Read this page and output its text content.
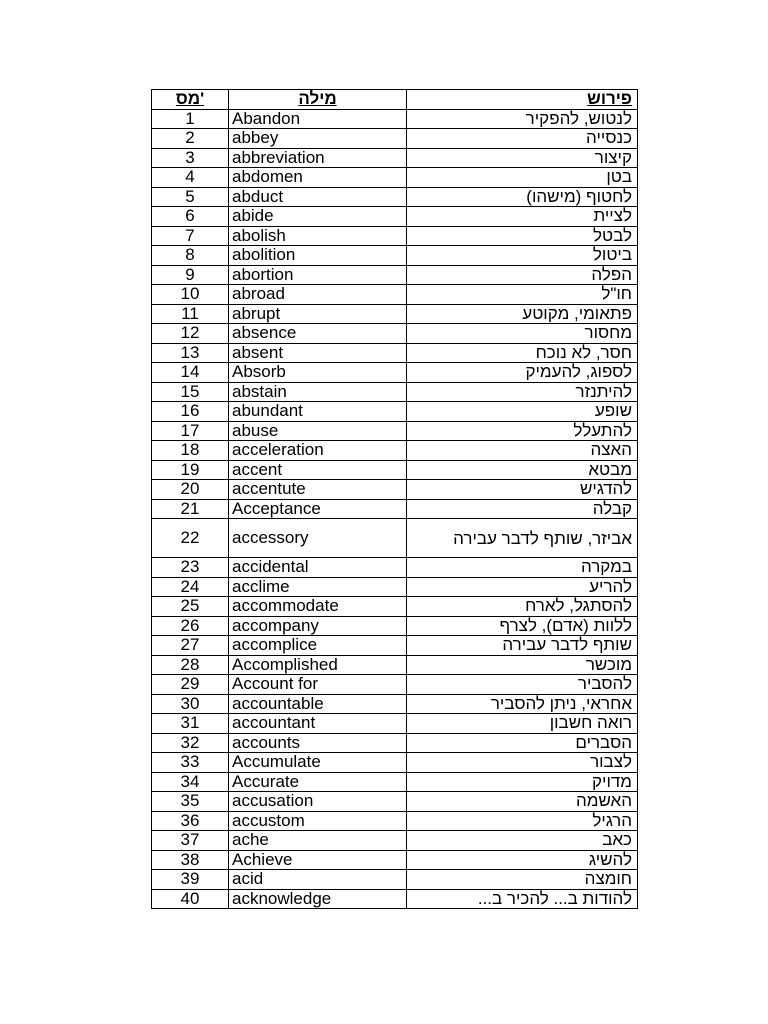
מס'	מילה	פירוש
1	Abandon	לנטוש, להפקיר
2	abbey	כנסייה
3	abbreviation	קיצור
4	abdomen	בטן
5	abduct	לחטוף (מישהו)
6	abide	לציית
7	abolish	לבטל
8	abolition	ביטול
9	abortion	הפלה
10	abroad	חו"ל
11	abrupt	פתאומי, מקוטע
12	absence	מחסור
13	absent	חסר, לא נוכח
14	Absorb	לספוג, להעמיק
15	abstain	להיתנזר
16	abundant	שופע
17	abuse	להתעלל
18	acceleration	האצה
19	accent	מבטא
20	accentute	להדגיש
21	Acceptance	קבלה
22	accessory	אביזר, שותף לדבר עבירה
23	accidental	במקרה
24	acclime	להריע
25	accommodate	להסתגל, לארח
26	accompany	ללוות (אדם), לצרף
27	accomplice	שותף לדבר עבירה
28	Accomplished	מוכשר
29	Account for	להסביר
30	accountable	אחראי, ניתן להסביר
31	accountant	רואה חשבון
32	accounts	הסברים
33	Accumulate	לצבור
34	Accurate	מדויק
35	accusation	האשמה
36	accustom	הרגיל
37	ache	כאב
38	Achieve	להשיג
39	acid	חומצה
40	acknowledge	להודות ב... להכיר ב...
